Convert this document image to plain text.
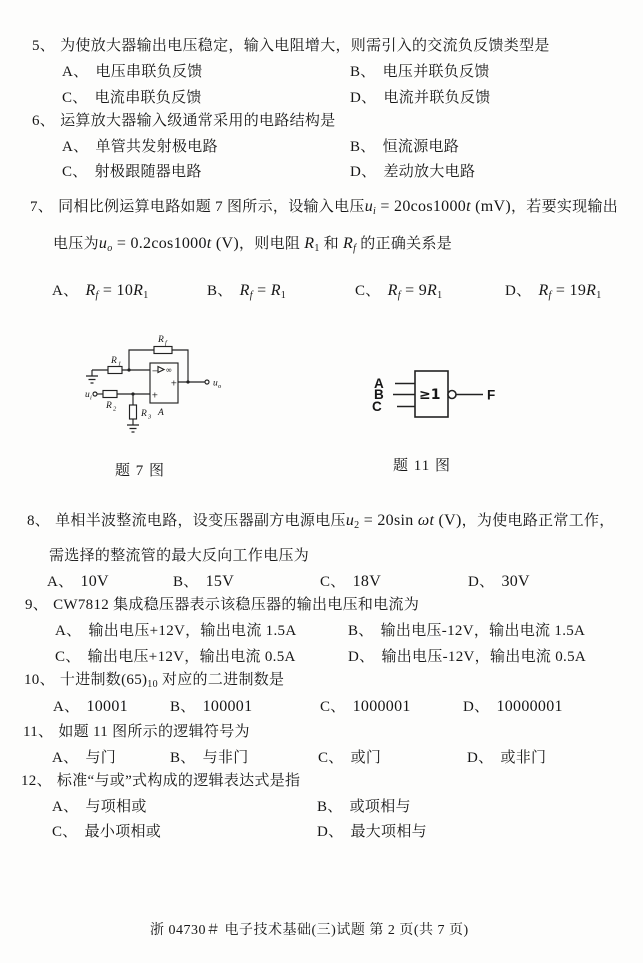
5、 为使放大器输出电压稳定，输入电阻增大，则需引入的交流负反馈类型是
A、 电压串联负反馈	B、 电压并联负反馈
C、 电流串联负反馈	D、 电流并联负反馈
6、 运算放大器输入级通常采用的电路结构是
A、 单管共发射极电路	B、 恒流源电路
C、 射极跟随器电路	D、 差动放大电路
7、 同相比例运算电路如题 7 图所示，设输入电压$u_i = 20\cos 1000t$ (mV)，若要实现输出
电压为$u_o = 0.2\cos 1000t$ (V)，则电阻 $R_1$ 和 $R_f$ 的正确关系是
A、 $R_f = 10R_1$	B、 $R_f = R_1$	C、 $R_f = 9R_1$	D、 $R_f = 19R_1$
R 1
R f
−
+
∞
+
A
u i
R 2	R 3
u o
题 7 图
≥1
A
B
C
F
题 11 图
8、 单相半波整流电路，设变压器副方电源电压$u_2 = 20\sin$ ωt (V)，为使电路正常工作，
需选择的整流管的最大反向工作电压为
A、 10V	B、 15V	C、 18V	D、 30V
9、 CW7812 集成稳压器表示该稳压器的输出电压和电流为
A、 输出电压+12V，输出电流 1.5A	B、 输出电压-12V，输出电流 1.5A
C、 输出电压+12V，输出电流 0.5A	D、 输出电压-12V，输出电流 0.5A
10、 十进制数$(65)_{10}$ 对应的二进制数是
A、 10001	B、 100001	C、 1000001	D、 10000001
11、 如题 11 图所示的逻辑符号为
A、 与门	B、 与非门	C、 或门	D、 或非门
12、 标准“与或”式构成的逻辑表达式是指
A、 与项相或	B、 或项相与
C、 最小项相或	D、 最大项相与
浙 04730＃ 电子技术基础(三)试题 第 2 页(共 7 页)
